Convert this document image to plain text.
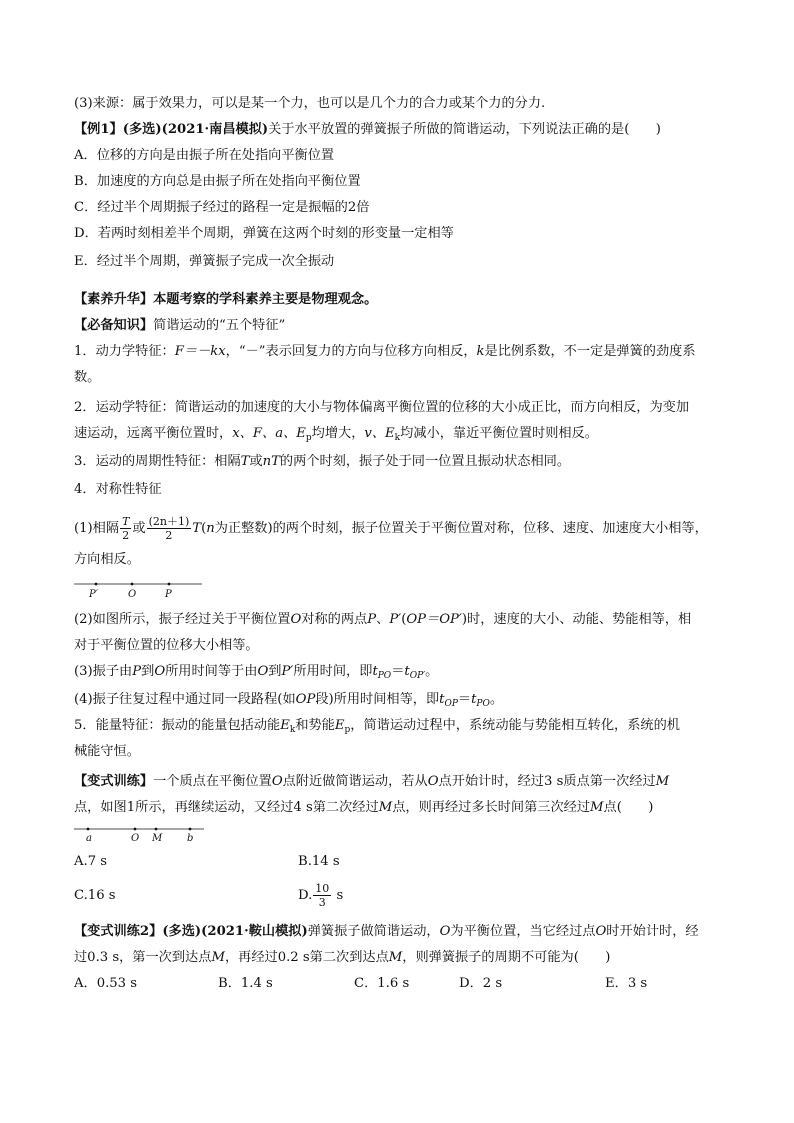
(3)来源：属于效果力，可以是某一个力，也可以是几个力的合力或某个力的分力.
【例1】(多选)(2021·南昌模拟)关于水平放置的弹簧振子所做的简谐运动，下列说法正确的是(　　)
A．位移的方向是由振子所在处指向平衡位置
B．加速度的方向总是由振子所在处指向平衡位置
C．经过半个周期振子经过的路程一定是振幅的2倍
D．若两时刻相差半个周期，弹簧在这两个时刻的形变量一定相等
E．经过半个周期，弹簧振子完成一次全振动
【素养升华】本题考察的学科素养主要是物理观念。
【必备知识】简谐运动的“五个特征”
1．动力学特征：F＝－kx，“－”表示回复力的方向与位移方向相反，k是比例系数，不一定是弹簧的劲度系
数。
2．运动学特征：简谐运动的加速度的大小与物体偏离平衡位置的位移的大小成正比，而方向相反，为变加
速运动，远离平衡位置时，x、F、a、$E_p$均增大，v、$E_k$均减小，靠近平衡位置时则相反。
3．运动的周期性特征：相隔T或nT的两个时刻，振子处于同一位置且振动状态相同。
4．对称性特征
(1)相隔 $\frac{T}{2}$ 或 $\frac{(2n+1)}{2} T(n$为正整数)的两个时刻，振子位置关于平衡位置对称，位移、速度、加速度大小相等，
方向相反。
P′	O	P
(2)如图所示，振子经过关于平衡位置O对称的两点P、P′(OP＝OP′)时，速度的大小、动能、势能相等，相
对于平衡位置的位移大小相等。
(3)振子由P到O所用时间等于由O到P′所用时间，即$t_{PO}=t_{OP'}$。
(4)振子往复过程中通过同一段路程(如OP段)所用时间相等，即$t_{OP}=t_{PO}$。
5．能量特征：振动的能量包括动能$E_k$和势能$E_p$，简谐运动过程中，系统动能与势能相互转化，系统的机
械能守恒。
【变式训练】一个质点在平衡位置O点附近做简谐运动，若从O点开始计时，经过3 s质点第一次经过M
点，如图1所示，再继续运动，又经过4 s第二次经过M点，则再经过多长时间第三次经过M点(　　)
a	O M b
A.7 s	B.14 s
C.16 s	D. $\frac{10}{3}$ s
【变式训练2】(多选)(2021·鞍山模拟)弹簧振子做简谐运动，O为平衡位置，当它经过点O时开始计时，经
过0.3 s，第一次到达点M，再经过0.2 s第二次到达点M，则弹簧振子的周期不可能为(　　)
A．0.53 s	B．1.4 s	C．1.6 s	D．2 s	E．3 s
